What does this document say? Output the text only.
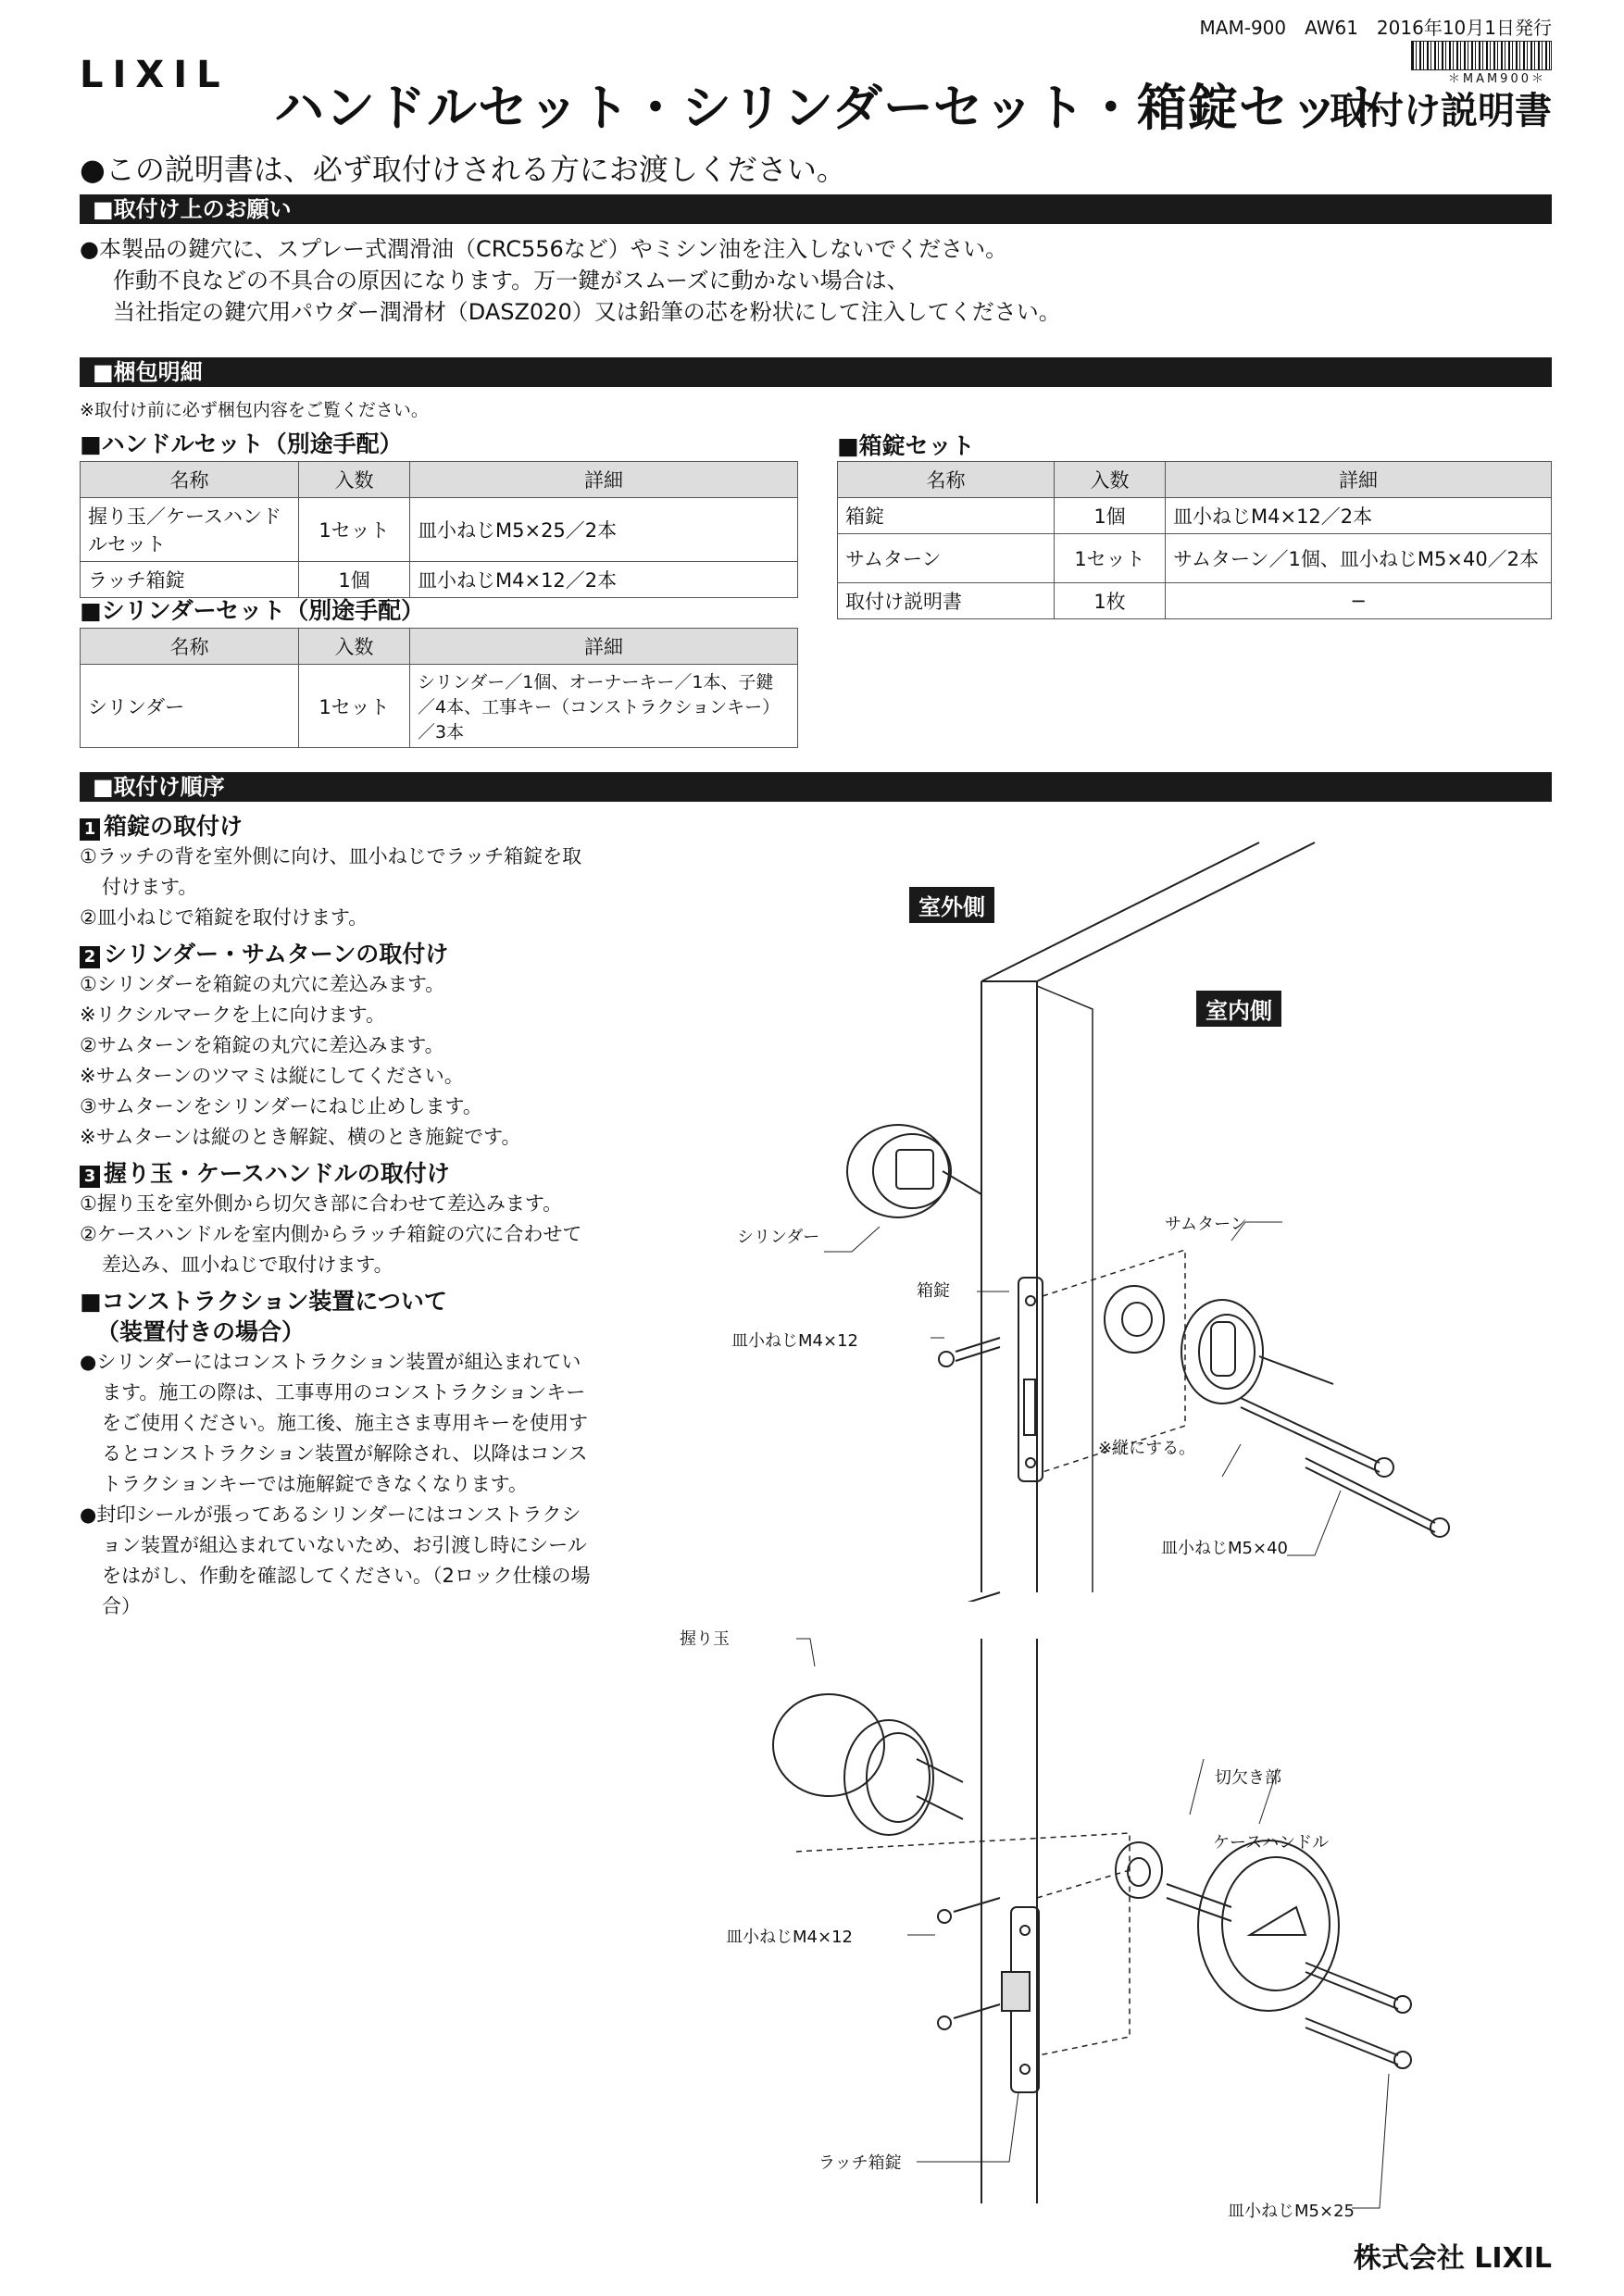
MAM-900　AW61　2016年10月1日発行
＊MAM900＊
LIXIL
ハンドルセット・シリンダーセット・箱錠セット
取付け説明書
●この説明書は、必ず取付けされる方にお渡しください。
■取付け上のお願い
●本製品の鍵穴に、スプレー式潤滑油（CRC556など）やミシン油を注入しないでください。
作動不良などの不具合の原因になります。万一鍵がスムーズに動かない場合は、
当社指定の鍵穴用パウダー潤滑材（DASZ020）又は鉛筆の芯を粉状にして注入してください。
■梱包明細
※取付け前に必ず梱包内容をご覧ください。
■ハンドルセット（別途手配）
名称	入数	詳細
握り玉／ケースハンドルセット	1セット	皿小ねじM5×25／2本
ラッチ箱錠	1個	皿小ねじM4×12／2本
■シリンダーセット（別途手配）
名称	入数	詳細
シリンダー	1セット	シリンダー／1個、オーナーキー／1本、子鍵／4本、工事キー（コンストラクションキー）／3本
■箱錠セット
名称	入数	詳細
箱錠	1個	皿小ねじM4×12／2本
サムターン	1セット	サムターン／1個、皿小ねじM5×40／2本
取付け説明書	1枚	−
■取付け順序
1 箱錠の取付け

①ラッチの背を室外側に向け、皿小ねじでラッチ箱錠を取付けます。

②皿小ねじで箱錠を取付けます。

2 シリンダー・サムターンの取付け

①シリンダーを箱錠の丸穴に差込みます。

※リクシルマークを上に向けます。

②サムターンを箱錠の丸穴に差込みます。

※サムターンのツマミは縦にしてください。

③サムターンをシリンダーにねじ止めします。

※サムターンは縦のとき解錠、横のとき施錠です。

3 握り玉・ケースハンドルの取付け

①握り玉を室外側から切欠き部に合わせて差込みます。

②ケースハンドルを室内側からラッチ箱錠の穴に合わせて差込み、皿小ねじで取付けます。

■コンストラクション装置について
（装置付きの場合）

●シリンダーにはコンストラクション装置が組込まれています。施工の際は、工事専用のコンストラクションキーをご使用ください。施工後、施主さま専用キーを使用するとコンストラクション装置が解除され、以降はコンストラクションキーでは施解錠できなくなります。

●封印シールが張ってあるシリンダーにはコンストラクション装置が組込まれていないため、お引渡し時にシールをはがし、作動を確認してください。（2ロック仕様の場合）

室外側
室内側
シリンダー
箱錠
皿小ねじM4×12
サムターン
※縦にする。
皿小ねじM5×40
握り玉
切欠き部
ケースハンドル
皿小ねじM4×12
ラッチ箱錠
皿小ねじM5×25
株式会社 LIXIL
